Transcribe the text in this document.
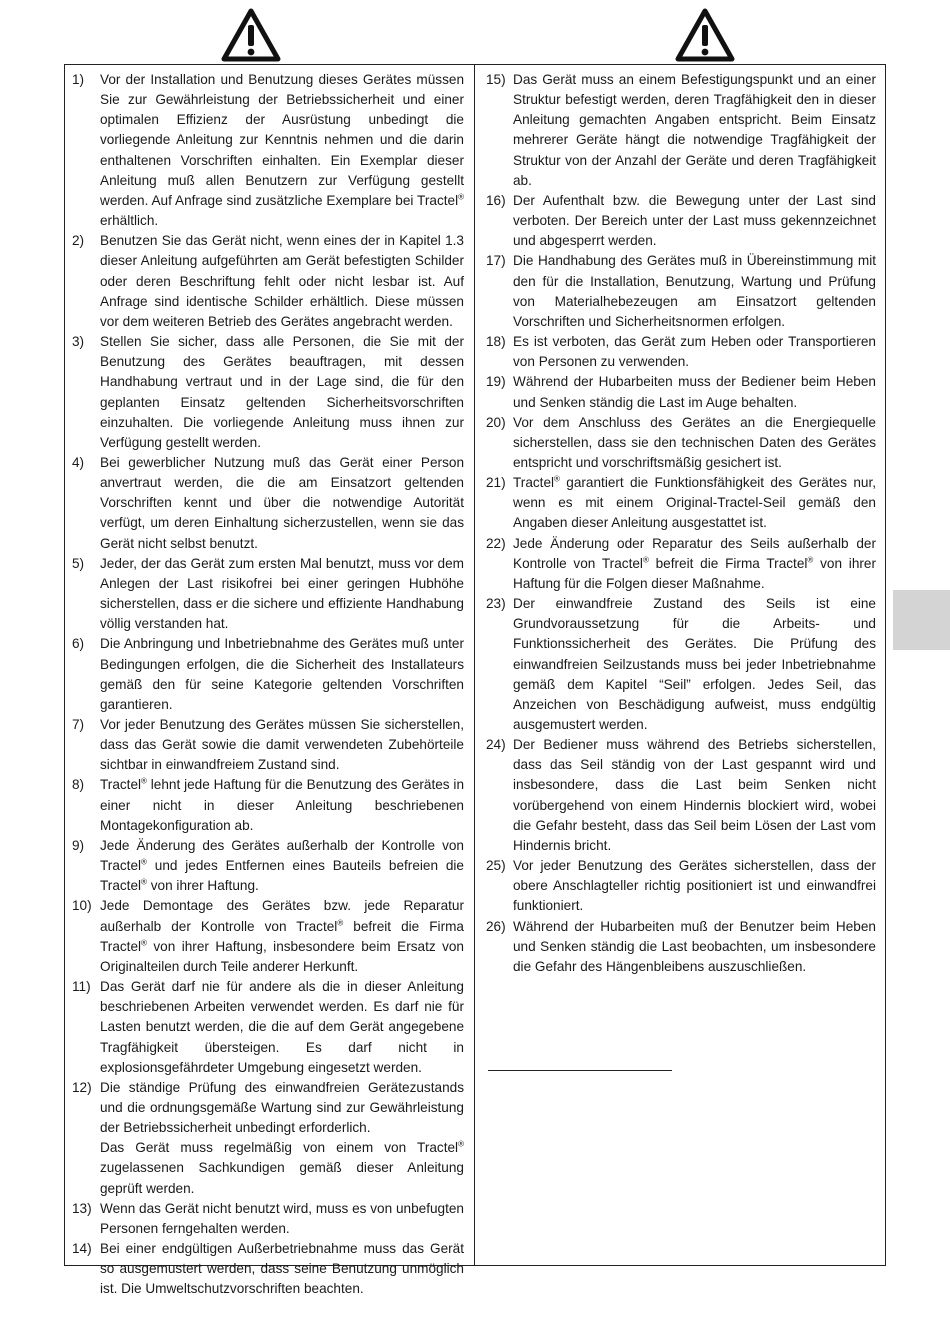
1)	Vor der Installation und Benutzung dieses Gerätes müssen Sie zur Gewährleistung der Betriebssicherheit und einer optimalen Effizienz der Ausrüstung unbedingt die vorliegende Anleitung zur Kenntnis nehmen und die darin enthaltenen Vorschriften einhalten. Ein Exemplar dieser Anleitung muß allen Benutzern zur Verfügung gestellt werden. Auf Anfrage sind zusätzliche Exemplare bei Tractel® erhältlich.

2)	Benutzen Sie das Gerät nicht, wenn eines der in Kapitel 1.3 dieser Anleitung aufgeführten am Gerät befestigten Schilder oder deren Beschriftung fehlt oder nicht lesbar ist. Auf Anfrage sind identische Schilder erhältlich. Diese müssen vor dem weiteren Betrieb des Gerätes angebracht werden.

3)	Stellen Sie sicher, dass alle Personen, die Sie mit der Benutzung des Gerätes beauftragen, mit dessen Handhabung vertraut und in der Lage sind, die für den geplanten Einsatz geltenden Sicherheitsvorschriften einzuhalten. Die vorliegende Anleitung muss ihnen zur Verfügung gestellt werden.

4)	Bei gewerblicher Nutzung muß das Gerät einer Person anvertraut werden, die die am Einsatzort geltenden Vorschriften kennt und über die notwendige Autorität verfügt, um deren Einhaltung sicherzustellen, wenn sie das Gerät nicht selbst benutzt.

5)	Jeder, der das Gerät zum ersten Mal benutzt, muss vor dem Anlegen der Last risikofrei bei einer geringen Hubhöhe sicherstellen, dass er die sichere und effiziente Handhabung völlig verstanden hat.

6)	Die Anbringung und Inbetriebnahme des Gerätes muß unter Bedingungen erfolgen, die die Sicherheit des Installateurs gemäß den für seine Kategorie geltenden Vorschriften garantieren.

7)	Vor jeder Benutzung des Gerätes müssen Sie sicherstellen, dass das Gerät sowie die damit verwendeten Zubehörteile sichtbar in einwandfreiem Zustand sind.

8)	Tractel® lehnt jede Haftung für die Benutzung des Gerätes in einer nicht in dieser Anleitung beschriebenen Montagekonfiguration ab.

9)	Jede Änderung des Gerätes außerhalb der Kontrolle von Tractel® und jedes Entfernen eines Bauteils befreien die Tractel® von ihrer Haftung.

10) Jede Demontage des Gerätes bzw. jede Reparatur außerhalb der Kontrolle von Tractel® befreit die Firma Tractel® von ihrer Haftung, insbesondere beim Ersatz von Originalteilen durch Teile anderer Herkunft.

11) Das Gerät darf nie für andere als die in dieser Anleitung beschriebenen Arbeiten verwendet werden. Es darf nie für Lasten benutzt werden, die die auf dem Gerät angegebene Tragfähigkeit übersteigen. Es darf nicht in explosionsgefährdeter Umgebung eingesetzt werden.

12) Die ständige Prüfung des einwandfreien Gerätezustands und die ordnungsgemäße Wartung sind zur Gewährleistung der Betriebssicherheit unbedingt erforderlich.

Das Gerät muss regelmäßig von einem von Tractel® zugelassenen Sachkundigen gemäß dieser Anleitung geprüft werden.

13) Wenn das Gerät nicht benutzt wird, muss es von unbefugten Personen ferngehalten werden.

14) Bei einer endgültigen Außerbetriebnahme muss das Gerät so ausgemustert werden, dass seine Benutzung unmöglich ist. Die Umweltschutzvorschriften beachten.

15) Das Gerät muss an einem Befestigungspunkt und an einer Struktur befestigt werden, deren Tragfähigkeit den in dieser Anleitung gemachten Angaben entspricht. Beim Einsatz mehrerer Geräte hängt die notwendige Tragfähigkeit der Struktur von der Anzahl der Geräte und deren Tragfähigkeit ab.

16) Der Aufenthalt bzw. die Bewegung unter der Last sind verboten. Der Bereich unter der Last muss gekennzeichnet und abgesperrt werden.

17) Die Handhabung des Gerätes muß in Übereinstimmung mit den für die Installation, Benutzung, Wartung und Prüfung von Materialhebezeugen am Einsatzort geltenden Vorschriften und Sicherheitsnormen erfolgen.

18) Es ist verboten, das Gerät zum Heben oder Transportieren von Personen zu verwenden.

19) Während der Hubarbeiten muss der Bediener beim Heben und Senken ständig die Last im Auge behalten.

20) Vor dem Anschluss des Gerätes an die Energiequelle sicherstellen, dass sie den technischen Daten des Gerätes entspricht und vorschriftsmäßig gesichert ist.

21) Tractel® garantiert die Funktionsfähigkeit des Gerätes nur, wenn es mit einem Original-Tractel-Seil gemäß den Angaben dieser Anleitung ausgestattet ist.

22) Jede Änderung oder Reparatur des Seils außerhalb der Kontrolle von Tractel® befreit die Firma Tractel® von ihrer Haftung für die Folgen dieser Maßnahme.

23) Der einwandfreie Zustand des Seils ist eine Grundvoraussetzung für die Arbeits- und Funktionssicherheit des Gerätes. Die Prüfung des einwandfreien Seilzustands muss bei jeder Inbetriebnahme gemäß dem Kapitel “Seil” erfolgen. Jedes Seil, das Anzeichen von Beschädigung aufweist, muss endgültig ausgemustert werden.

24) Der Bediener muss während des Betriebs sicherstellen, dass das Seil ständig von der Last gespannt wird und insbesondere, dass die Last beim Senken nicht vorübergehend von einem Hindernis blockiert wird, wobei die Gefahr besteht, dass das Seil beim Lösen der Last vom Hindernis bricht.

25) Vor jeder Benutzung des Gerätes sicherstellen, dass der obere Anschlagteller richtig positioniert ist und einwandfrei funktioniert.

26) Während der Hubarbeiten muß der Benutzer beim Heben und Senken ständig die Last beobachten, um insbesondere die Gefahr des Hängenbleibens auszuschließen.
